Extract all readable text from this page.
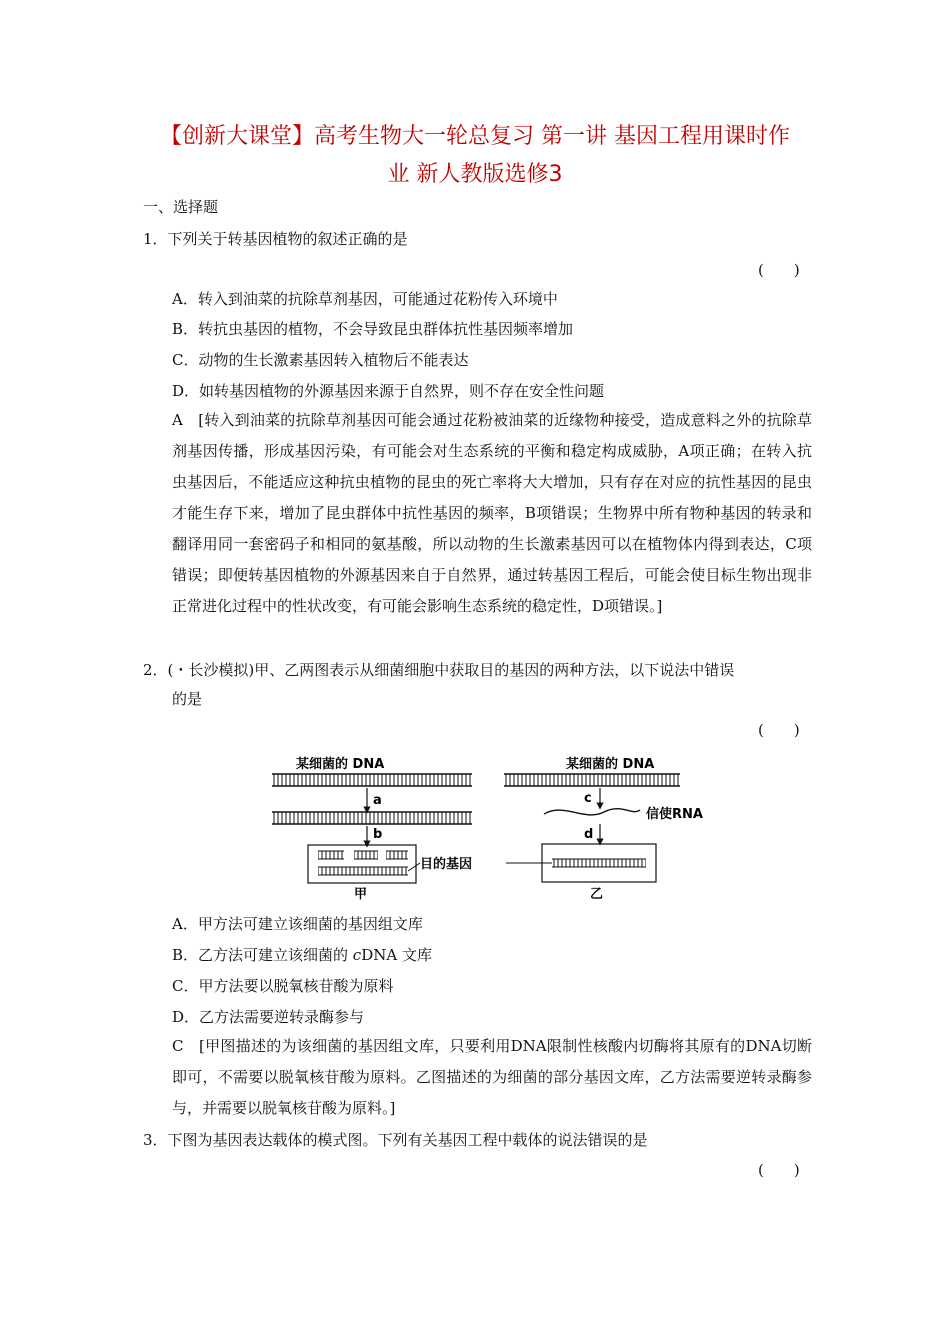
【创新大课堂】高考生物大一轮总复习 第一讲 基因工程用课时作
业 新人教版选修3
一、选择题
1．下列关于转基因植物的叙述正确的是
(　　)
A．转入到油菜的抗除草剂基因，可能通过花粉传入环境中
B．转抗虫基因的植物，不会导致昆虫群体抗性基因频率增加
C．动物的生长激素基因转入植物后不能表达
D．如转基因植物的外源基因来源于自然界，则不存在安全性问题
A　[转入到油菜的抗除草剂基因可能会通过花粉被油菜的近缘物种接受，造成意料之外的抗除草剂基因传播，形成基因污染，有可能会对生态系统的平衡和稳定构成威胁，A项正确；在转入抗虫基因后，不能适应这种抗虫植物的昆虫的死亡率将大大增加，只有存在对应的抗性基因的昆虫才能生存下来，增加了昆虫群体中抗性基因的频率，B项错误；生物界中所有物种基因的转录和翻译用同一套密码子和相同的氨基酸，所以动物的生长激素基因可以在植物体内得到表达，C项错误；即便转基因植物的外源基因来自于自然界，通过转基因工程后，可能会使目标生物出现非正常进化过程中的性状改变，有可能会影响生态系统的稳定性，D项错误。]
2．(・长沙模拟)甲、乙两图表示从细菌细胞中获取目的基因的两种方法，以下说法中错误
的是
(　　)
某细菌的 DNA
a
b
甲
某细菌的 DNA
c
信使RNA
d
乙
目的基因
A．甲方法可建立该细菌的基因组文库
B．乙方法可建立该细菌的 cDNA 文库
C．甲方法要以脱氧核苷酸为原料
D．乙方法需要逆转录酶参与
C　[甲图描述的为该细菌的基因组文库，只要利用DNA限制性核酸内切酶将其原有的DNA切断即可，不需要以脱氧核苷酸为原料。乙图描述的为细菌的部分基因文库，乙方法需要逆转录酶参与，并需要以脱氧核苷酸为原料。]
3．下图为基因表达载体的模式图。下列有关基因工程中载体的说法错误的是
(　　)
